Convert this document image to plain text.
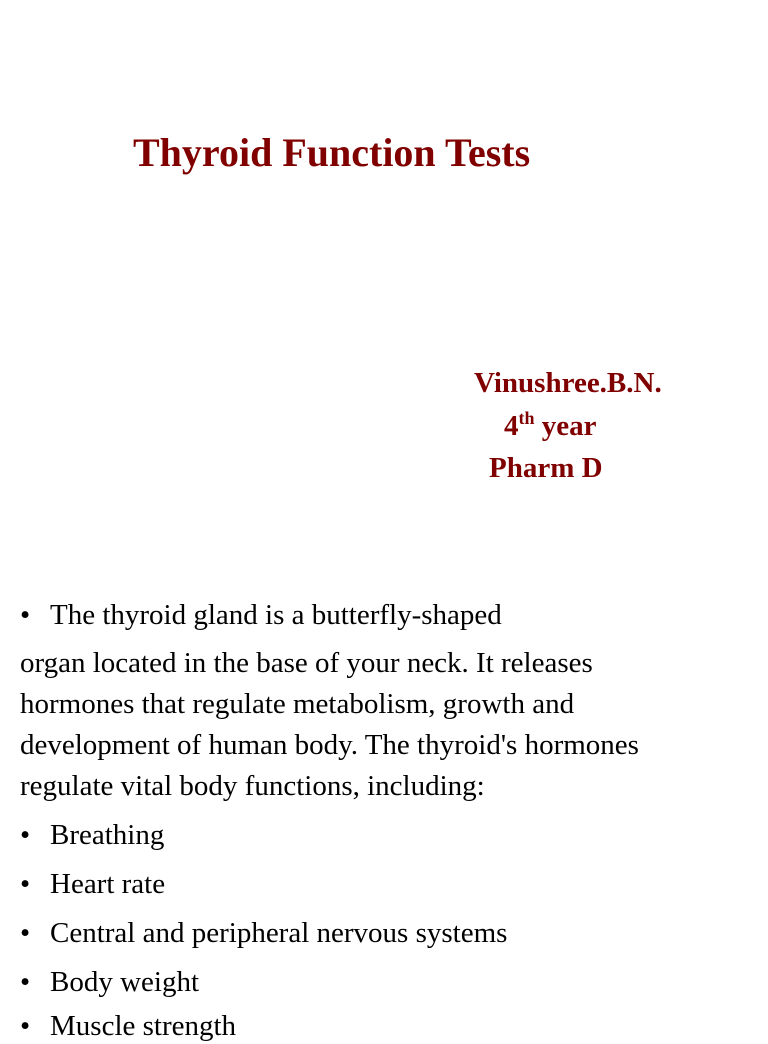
Thyroid Function Tests
Vinushree.B.N.
4th year
Pharm D
• The thyroid gland is a butterfly-shaped
organ located in the base of your neck. It releases
hormones that regulate metabolism, growth and
development of human body. The thyroid's hormones
regulate vital body functions, including:
• Breathing
• Heart rate
• Central and peripheral nervous systems
• Body weight
• Muscle strength
